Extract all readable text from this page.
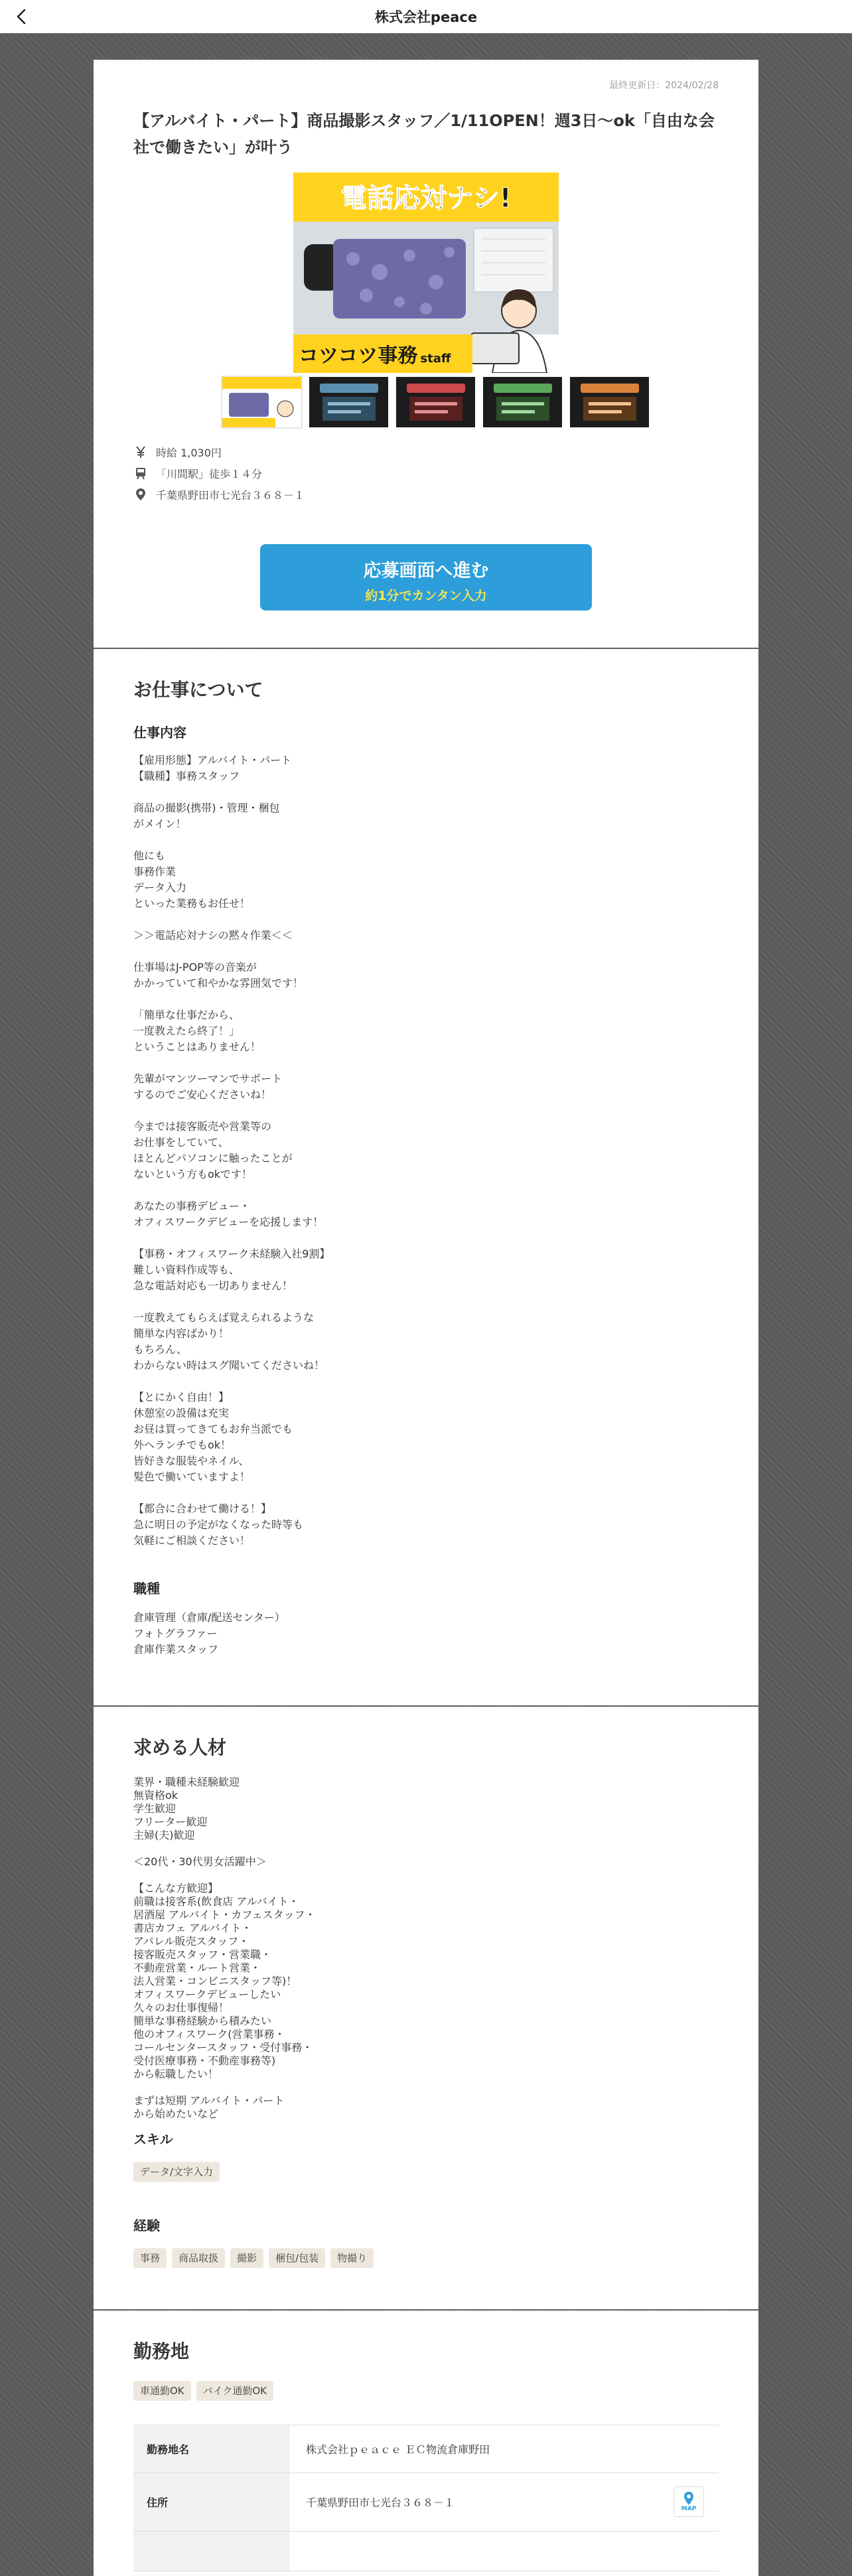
株式会社peace
最終更新日：2024/02/28
【アルバイト・パート】商品撮影スタッフ／1/11OPEN！週3日〜ok「自由な会社で働きたい」が叶う
電話応対ナシ!
コツコツ事務 staff
時給 1,030円
「川間駅」徒歩１４分
千葉県野田市七光台３６８－１
応募画面へ進む
約1分でカンタン入力
お仕事について
仕事内容

【雇用形態】アルバイト・パート
【職種】事務スタッフ

商品の撮影(携帯)・管理・梱包
がメイン！

他にも
事務作業
データ入力
といった業務もお任せ！

＞＞電話応対ナシの黙々作業＜＜

仕事場はJ-POP等の音楽が
かかっていて和やかな雰囲気です！

「簡単な仕事だから、
一度教えたら終了！」
ということはありません！

先輩がマンツーマンでサポート
するのでご安心くださいね！

今までは接客販売や営業等の
お仕事をしていて、
ほとんどパソコンに触ったことが
ないという方もokです！

あなたの事務デビュー・
オフィスワークデビューを応援します！

【事務・オフィスワーク未経験入社9割】
難しい資料作成等も、
急な電話対応も一切ありません！

一度教えてもらえば覚えられるような
簡単な内容ばかり！
もちろん、
わからない時はスグ聞いてくださいね！

【とにかく自由！】
休憩室の設備は充実
お昼は買ってきてもお弁当派でも
外ヘランチでもok！
皆好きな服装やネイル、
髪色で働いていますよ！

【都合に合わせて働ける！】
急に明日の予定がなくなった時等も
気軽にご相談ください！

職種

倉庫管理（倉庫/配送センター）
フォトグラファー
倉庫作業スタッフ

求める人材

業界・職種未経験歓迎
無資格ok
学生歓迎
フリーター歓迎
主婦(夫)歓迎

＜20代・30代男女活躍中＞

【こんな方歓迎】
前職は接客系(飲食店 アルバイト・
居酒屋 アルバイト・カフェスタッフ・
書店カフェ アルバイト・
アパレル販売スタッフ・
接客販売スタッフ・営業職・
不動産営業・ルート営業・
法人営業・コンビニスタッフ等)！
オフィスワークデビューしたい
久々のお仕事復帰！
簡単な事務経験から積みたい
他のオフィスワーク(営業事務・
コールセンタースタッフ・受付事務・
受付医療事務・不動産事務等)
から転職したい！

まずは短期 アルバイト・パート
から始めたいなど

スキル
データ/文字入力
経験
事務	商品取扱	撮影	梱包/包装	物撮り
勤務地
車通勤OK	バイク通勤OK
勤務地名	株式会社ｐｅａｃｅ ＥＣ物流倉庫野田
住所	千葉県野田市七光台３６８－１	MAP
